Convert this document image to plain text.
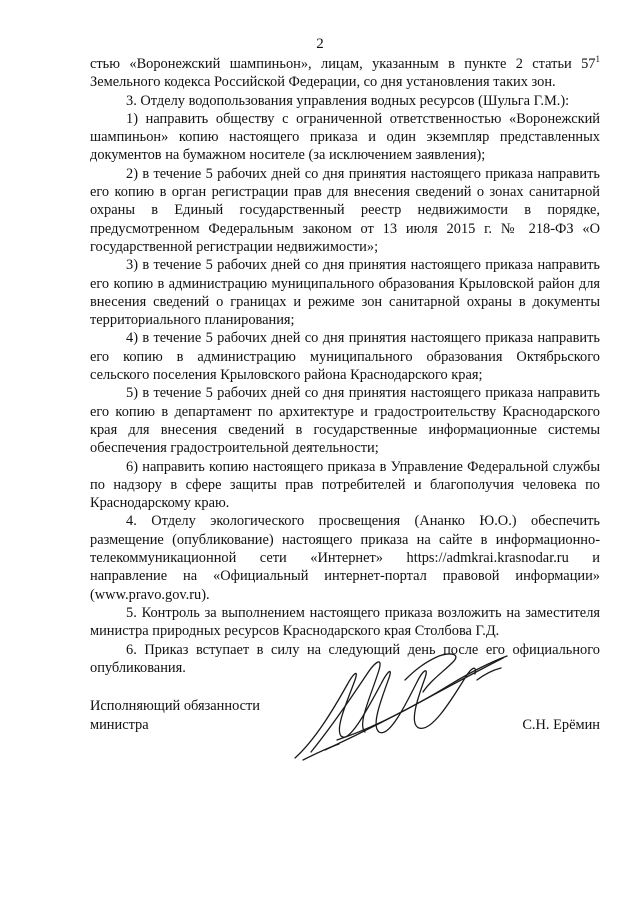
2

стью «Воронежский шампиньон», лицам, указанным в пункте 2 статьи $57^1$ Земельного кодекса Российской Федерации, со дня установления таких зон.

3. Отделу водопользования управления водных ресурсов (Шульга Г.М.):

1) направить обществу с ограниченной ответственностью «Воронежский шампиньон» копию настоящего приказа и один экземпляр представленных документов на бумажном носителе (за исключением заявления);

2) в течение 5 рабочих дней со дня принятия настоящего приказа направить его копию в орган регистрации прав для внесения сведений о зонах санитарной охраны в Единый государственный реестр недвижимости в порядке, предусмотренном Федеральным законом от 13 июля 2015 г. № 218-ФЗ «О государственной регистрации недвижимости»;

3) в течение 5 рабочих дней со дня принятия настоящего приказа направить его копию в администрацию муниципального образования Крыловской район для внесения сведений о границах и режиме зон санитарной охраны в документы территориального планирования;

4) в течение 5 рабочих дней со дня принятия настоящего приказа направить его копию в администрацию муниципального образования Октябрьского сельского поселения Крыловского района Краснодарского края;

5) в течение 5 рабочих дней со дня принятия настоящего приказа направить его копию в департамент по архитектуре и градостроительству Краснодарского края для внесения сведений в государственные информационные системы обеспечения градостроительной деятельности;

6) направить копию настоящего приказа в Управление Федеральной службы по надзору в сфере защиты прав потребителей и благополучия человека по Краснодарскому краю.

4. Отделу экологического просвещения (Ананко Ю.О.) обеспечить размещение (опубликование) настоящего приказа на сайте в информационно-телекоммуникационной сети «Интернет» https://admkrai.krasnodar.ru и направление на «Официальный интернет-портал правовой информации» (www.pravo.gov.ru).

5. Контроль за выполнением настоящего приказа возложить на заместителя министра природных ресурсов Краснодарского края Столбова Г.Д.

6. Приказ вступает в силу на следующий день после его официального опубликования.

Исполняющий обязанности
министра	С.Н. Ерёмин
